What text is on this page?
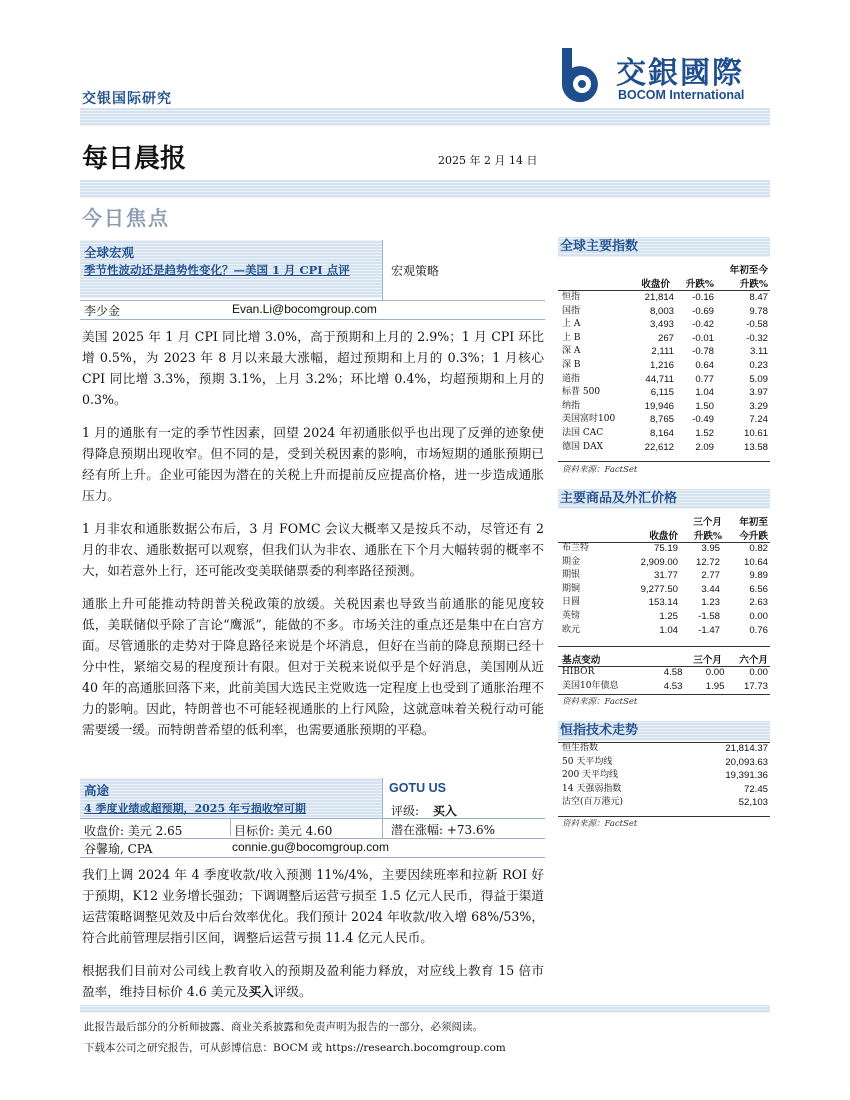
交银国际研究
交銀國際
BOCOM International
每日晨报	2025 年 2 月 14 日
今日焦点
全球宏观
季节性波动还是趋势性变化？—美国 1 月 CPI 点评	宏观策略
李少金	Evan.Li@bocomgroup.com

美国 2025 年 1 月 CPI 同比增 3.0%，高于预期和上月的 2.9%；1 月 CPI 环比增 0.5%，为 2023 年 8 月以来最大涨幅，超过预期和上月的 0.3%；1 月核心 CPI 同比增 3.3%，预期 3.1%，上月 3.2%；环比增 0.4%，均超预期和上月的 0.3%。

1 月的通胀有一定的季节性因素，回望 2024 年初通胀似乎也出现了反弹的迹象使得降息预期出现收窄。但不同的是，受到关税因素的影响，市场短期的通胀预期已经有所上升。企业可能因为潜在的关税上升而提前反应提高价格，进一步造成通胀压力。

1 月非农和通胀数据公布后，3 月 FOMC 会议大概率又是按兵不动，尽管还有 2 月的非农、通胀数据可以观察，但我们认为非农、通胀在下个月大幅转弱的概率不大，如若意外上行，还可能改变美联储票委的利率路径预测。

通胀上升可能推动特朗普关税政策的放缓。关税因素也导致当前通胀的能见度较低，美联储似乎除了言论“鹰派”，能做的不多。市场关注的重点还是集中在白宫方面。尽管通胀的走势对于降息路径来说是个坏消息，但好在当前的降息预期已经十分中性，紧缩交易的程度预计有限。但对于关税来说似乎是个好消息，美国刚从近 40 年的高通胀回落下来，此前美国大选民主党败选一定程度上也受到了通胀治理不力的影响。因此，特朗普也不可能轻视通胀的上行风险，这就意味着关税行动可能需要缓一缓。而特朗普希望的低利率，也需要通胀预期的平稳。

高途
4 季度业绩或超预期，2025 年亏损收窄可期
GOTU US
评级: 买入
收盘价: 美元 2.65	目标价: 美元 4.60	潜在涨幅: +73.6%
谷馨瑜, CPA	connie.gu@bocomgroup.com

我们上调 2024 年 4 季度收款/收入预测 11%/4%，主要因续班率和拉新 ROI 好于预期，K12 业务增长强劲；下调调整后运营亏损至 1.5 亿元人民币，得益于渠道运营策略调整见效及中后台效率优化。我们预计 2024 年收款/收入增 68%/53%，符合此前管理层指引区间，调整后运营亏损 11.4 亿元人民币。

根据我们目前对公司线上教育收入的预期及盈利能力释放，对应线上教育 15 倍市盈率，维持目标价 4.6 美元及买入评级。

全球主要指数
年初至今
收盘价	升跌%	升跌%
恒指	21,814	-0.16	8.47
国指	8,003	-0.69	9.78
上 A	3,493	-0.42	-0.58
上 B	267	-0.01	-0.32
深 A	2,111	-0.78	3.11
深 B	1,216	0.64	0.23
道指	44,711	0.77	5.09
标普 500	6,115	1.04	3.97
纳指	19,946	1.50	3.29
美国富时100	8,765	-0.49	7.24
法国 CAC	8,164	1.52	10.61
德国 DAX	22,612	2.09	13.58
资料来源：FactSet
主要商品及外汇价格
三个月	年初至
收盘价	升跌%	今升跌
布兰特	75.19	3.95	0.82
期金	2,909.00	12.72	10.64
期银	31.77	2.77	9.89
期铜	9,277.50	3.44	6.56
日圆	153.14	1.23	2.63
英镑	1.25	-1.58	0.00
欧元	1.04	-1.47	0.76
基点变动	三个月	六个月
HIBOR	4.58	0.00	0.00
美国10年债息	4.53	1.95	17.73
资料来源：FactSet
恒指技术走势
恒生指数	21,814.37
50 天平均线	20,093.63
200 天平均线	19,391.36
14 天强弱指数	72.45
沽空(百万港元)	52,103
资料来源：FactSet
此报告最后部分的分析师披露、商业关系披露和免责声明为报告的一部分，必须阅读。
下载本公司之研究报告，可从彭博信息：BOCM 或 https://research.bocomgroup.com
